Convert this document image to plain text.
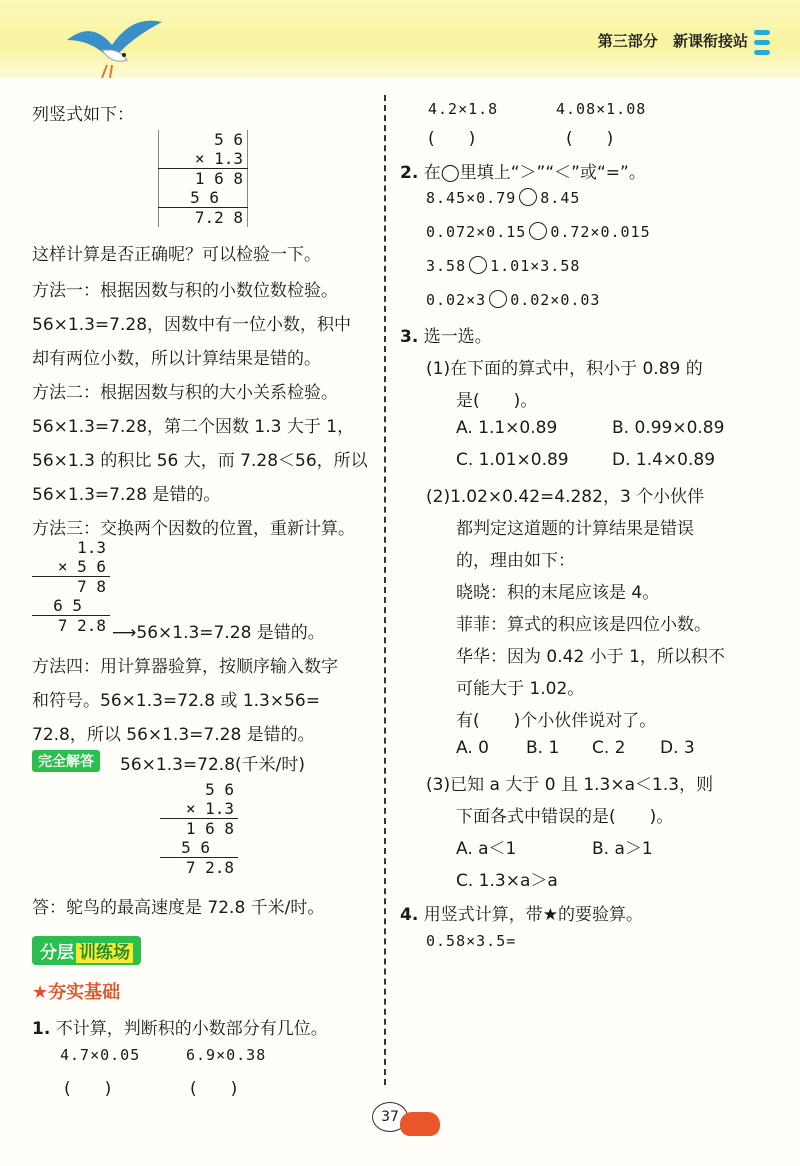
第三部分 新课衔接站
列竖式如下：
5 6
× 1.3
1 6 8
5 6
7.2 8
这样计算是否正确呢？可以检验一下。
方法一：根据因数与积的小数位数检验。
56×1.3=7.28，因数中有一位小数，积中
却有两位小数，所以计算结果是错的。
方法二：根据因数与积的大小关系检验。
56×1.3=7.28，第二个因数 1.3 大于 1，
56×1.3 的积比 56 大，而 7.28＜56，所以
56×1.3=7.28 是错的。
方法三：交换两个因数的位置，重新计算。
1.3
× 5 6
7 8
6 5
7 2.8 ⟶56×1.3=7.28 是错的。
方法四：用计算器验算，按顺序输入数字
和符号。56×1.3=72.8 或 1.3×56=
72.8，所以 56×1.3=7.28 是错的。
完全解答	56×1.3=72.8(千米/时)
5 6
× 1.3
1 6 8
5 6
7 2.8
答：鸵鸟的最高速度是 72.8 千米/时。
分层 训练场
★夯实基础
1. 不计算，判断积的小数部分有几位。
4.7×0.05	6.9×0.38
(　　)	(　　)
4.2×1.8	4.08×1.08
(　　)	(　　)
2. 在◯里填上“＞”“＜”或“=”。
8.45×0.79 8.45
0.072×0.15 0.72×0.015
3.58 1.01×3.58
0.02×3 0.02×0.03
3. 选一选。
(1)在下面的算式中，积小于 0.89 的
是(　　)。
A. 1.1×0.89	B. 0.99×0.89
C. 1.01×0.89	D. 1.4×0.89
(2)1.02×0.42=4.282，3 个小伙伴
都判定这道题的计算结果是错误
的，理由如下：
晓晓：积的末尾应该是 4。
菲菲：算式的积应该是四位小数。
华华：因为 0.42 小于 1，所以积不
可能大于 1.02。
有(　　)个小伙伴说对了。
A. 0 B. 1 C. 2 D. 3
(3)已知 a 大于 0 且 1.3×a＜1.3，则
下面各式中错误的是(　　)。
A. a＜1	B. a＞1
C. 1.3×a＞a
4. 用竖式计算，带★的要验算。
0.58×3.5=
37
